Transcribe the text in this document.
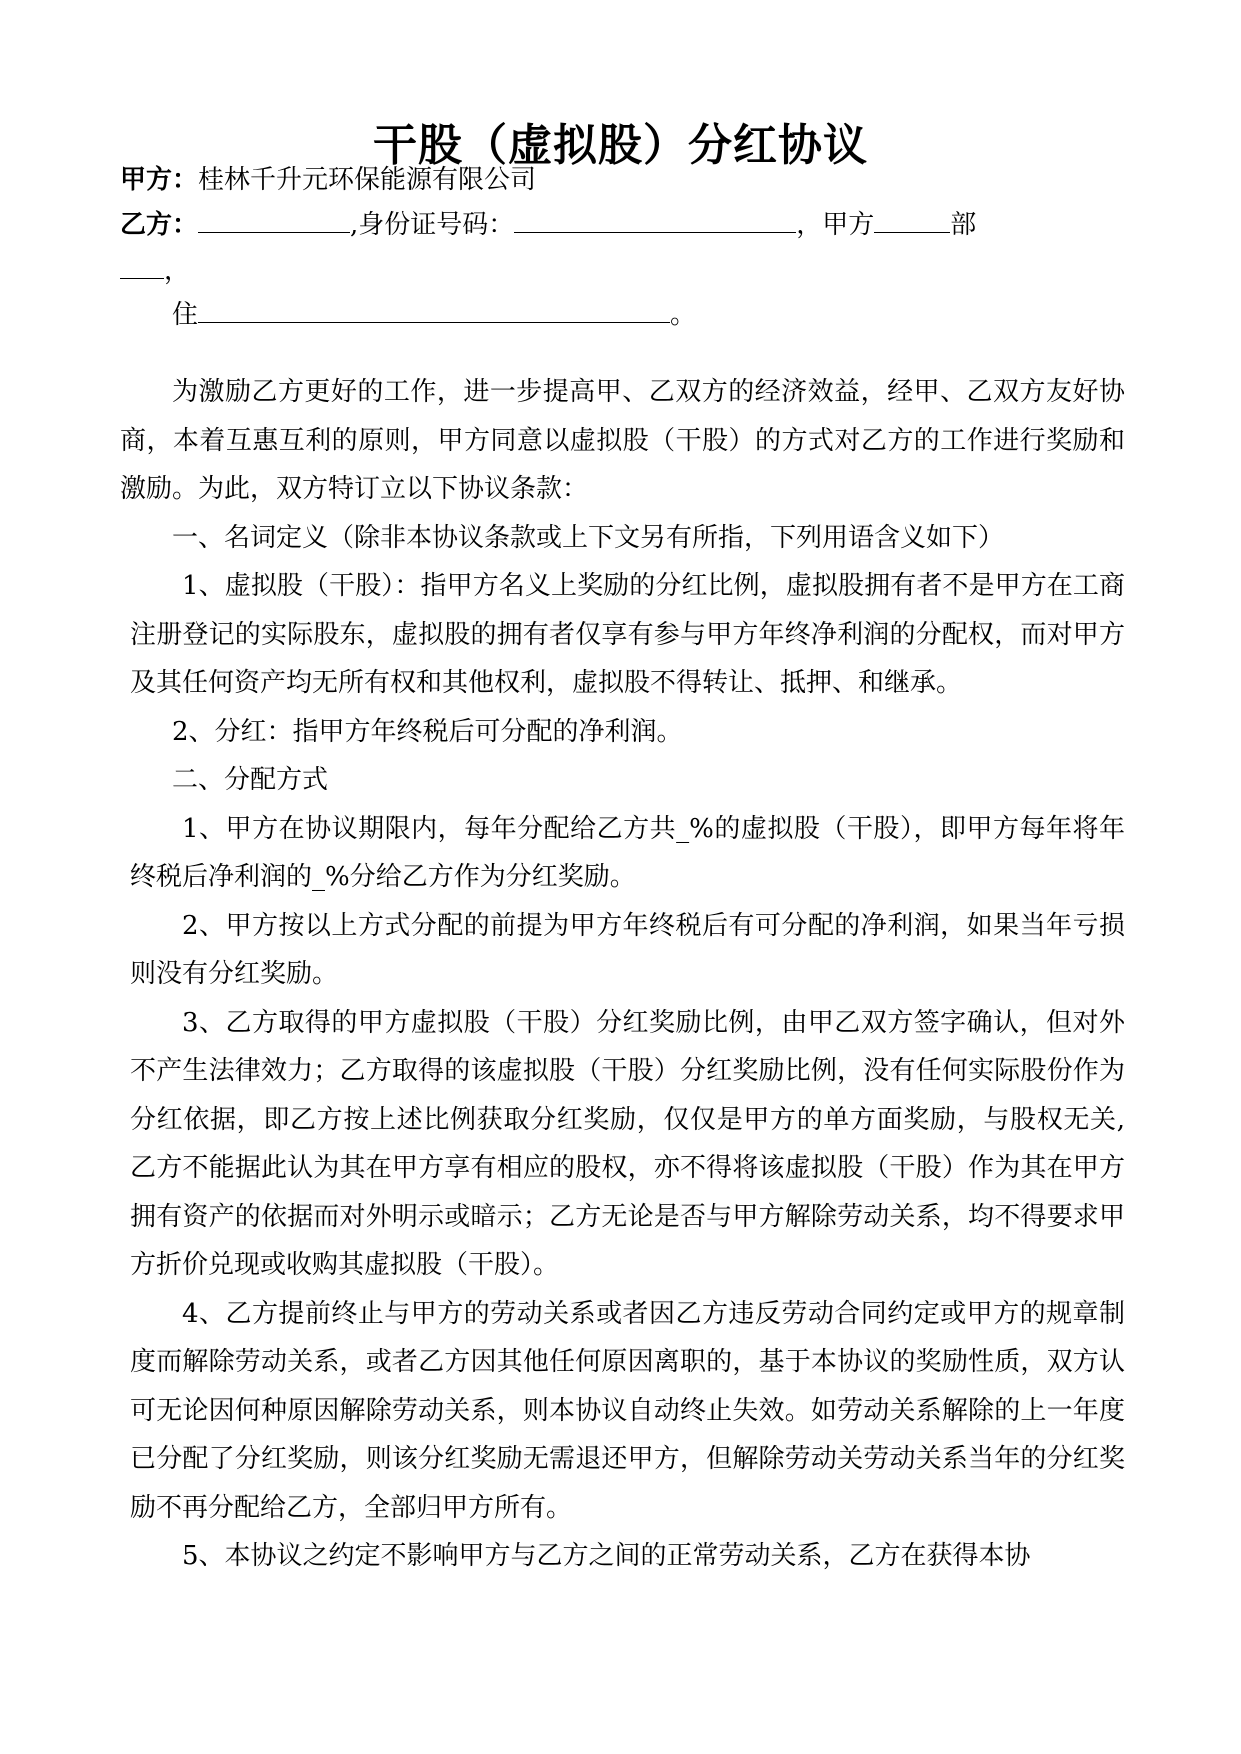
干股（虚拟股）分红协议
甲方：桂林千升元环保能源有限公司
乙方：	,身份证号码：	，甲方	部
，
住	。

为激励乙方更好的工作，进一步提高甲、乙双方的经济效益，经甲、乙双方友好协商，本着互惠互利的原则，甲方同意以虚拟股（干股）的方式对乙方的工作进行奖励和激励。为此，双方特订立以下协议条款：

一、名词定义（除非本协议条款或上下文另有所指，下列用语含义如下）

1、虚拟股（干股）：指甲方名义上奖励的分红比例，虚拟股拥有者不是甲方在工商注册登记的实际股东，虚拟股的拥有者仅享有参与甲方年终净利润的分配权，而对甲方及其任何资产均无所有权和其他权利，虚拟股不得转让、抵押、和继承。

2、分红：指甲方年终税后可分配的净利润。

二、分配方式

1、甲方在协议期限内，每年分配给乙方共_%的虚拟股（干股），即甲方每年将年终税后净利润的_%分给乙方作为分红奖励。

2、甲方按以上方式分配的前提为甲方年终税后有可分配的净利润，如果当年亏损则没有分红奖励。

3、乙方取得的甲方虚拟股（干股）分红奖励比例，由甲乙双方签字确认，但对外不产生法律效力；乙方取得的该虚拟股（干股）分红奖励比例，没有任何实际股份作为分红依据，即乙方按上述比例获取分红奖励，仅仅是甲方的单方面奖励，与股权无关,乙方不能据此认为其在甲方享有相应的股权，亦不得将该虚拟股（干股）作为其在甲方拥有资产的依据而对外明示或暗示；乙方无论是否与甲方解除劳动关系，均不得要求甲方折价兑现或收购其虚拟股（干股）。

4、乙方提前终止与甲方的劳动关系或者因乙方违反劳动合同约定或甲方的规章制度而解除劳动关系，或者乙方因其他任何原因离职的，基于本协议的奖励性质，双方认可无论因何种原因解除劳动关系，则本协议自动终止失效。如劳动关系解除的上一年度已分配了分红奖励，则该分红奖励无需退还甲方，但解除劳动关劳动关系当年的分红奖励不再分配给乙方，全部归甲方所有。

5、本协议之约定不影响甲方与乙方之间的正常劳动关系，乙方在获得本协
